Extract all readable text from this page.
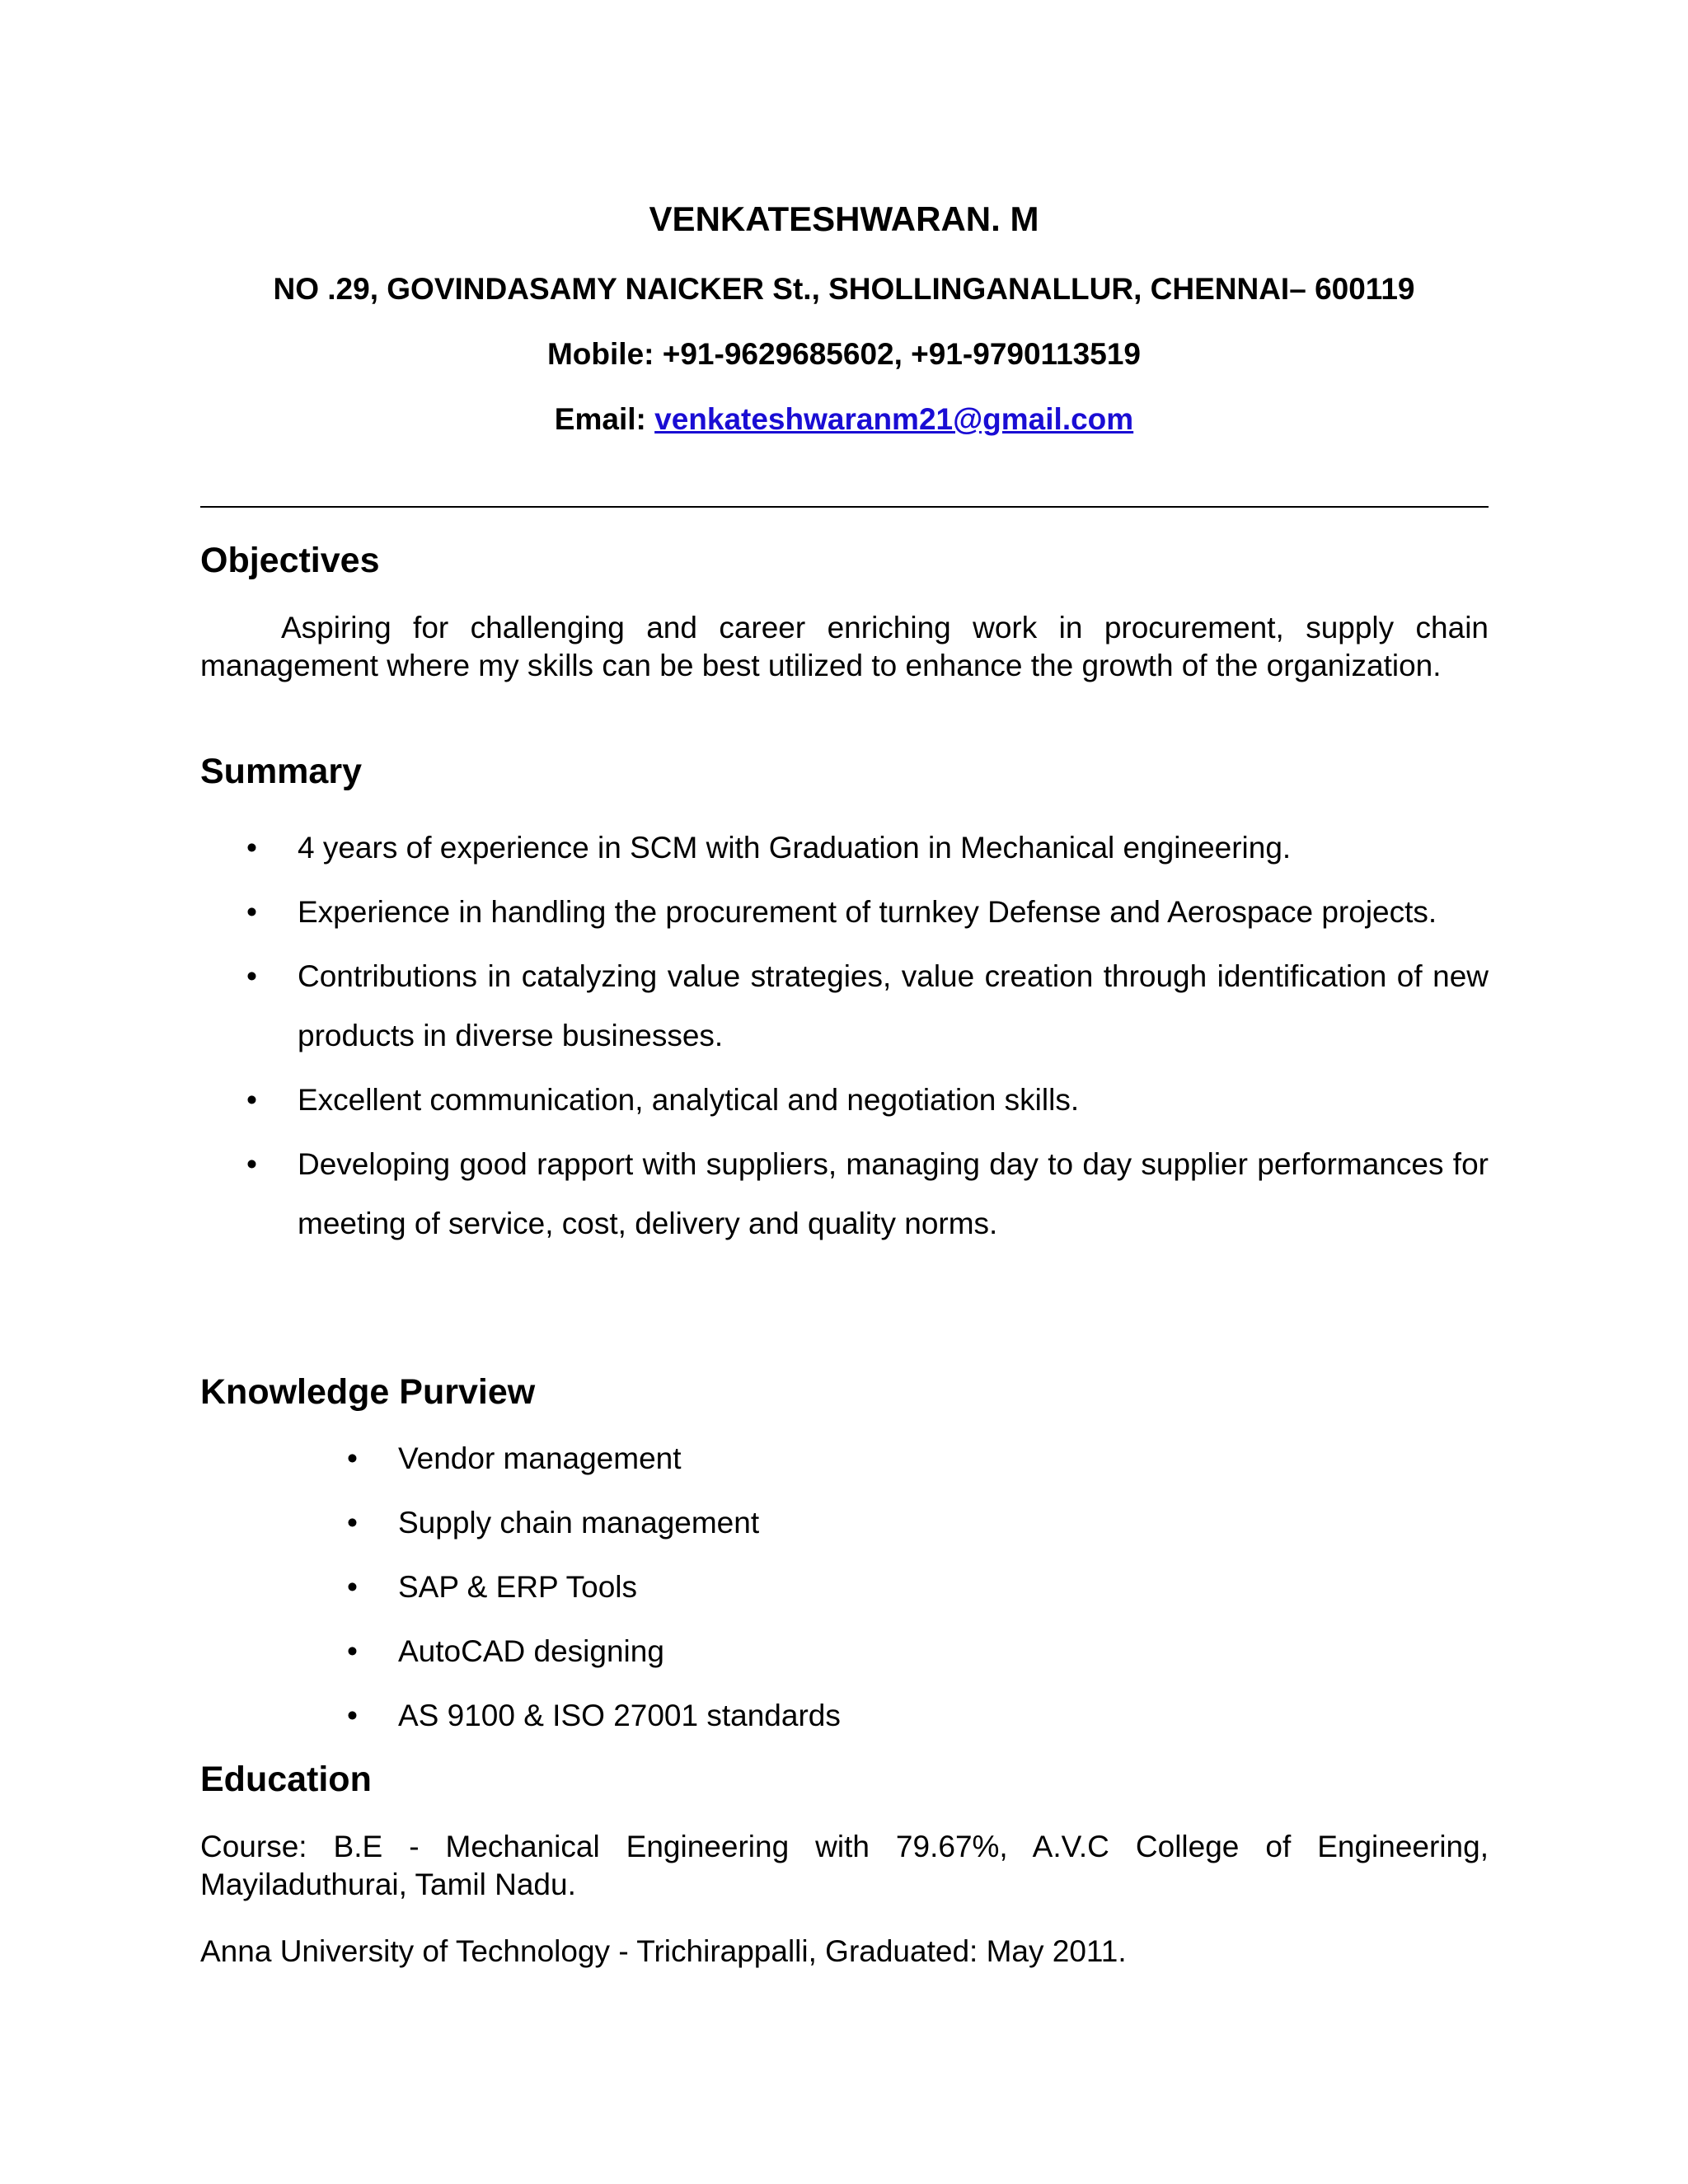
VENKATESHWARAN. M
NO .29, GOVINDASAMY NAICKER St., SHOLLINGANALLUR, CHENNAI– 600119
Mobile: +91-9629685602, +91-9790113519
Email: venkateshwaranm21@gmail.com
Objectives
Aspiring for challenging and career enriching work in procurement, supply chain management where my skills can be best utilized to enhance the growth of the organization.
Summary
• 4 years of experience in SCM with Graduation in Mechanical engineering.
• Experience in handling the procurement of turnkey Defense and Aerospace projects.
• Contributions in catalyzing value strategies, value creation through identification of new products in diverse businesses.
• Excellent communication, analytical and negotiation skills.
• Developing good rapport with suppliers, managing day to day supplier performances for meeting of service, cost, delivery and quality norms.
Knowledge Purview
• Vendor management
• Supply chain management
• SAP & ERP Tools
• AutoCAD designing
• AS 9100 & ISO 27001 standards
Education
Course: B.E - Mechanical Engineering with 79.67%, A.V.C College of Engineering, Mayiladuthurai, Tamil Nadu.
Anna University of Technology - Trichirappalli, Graduated: May 2011.
